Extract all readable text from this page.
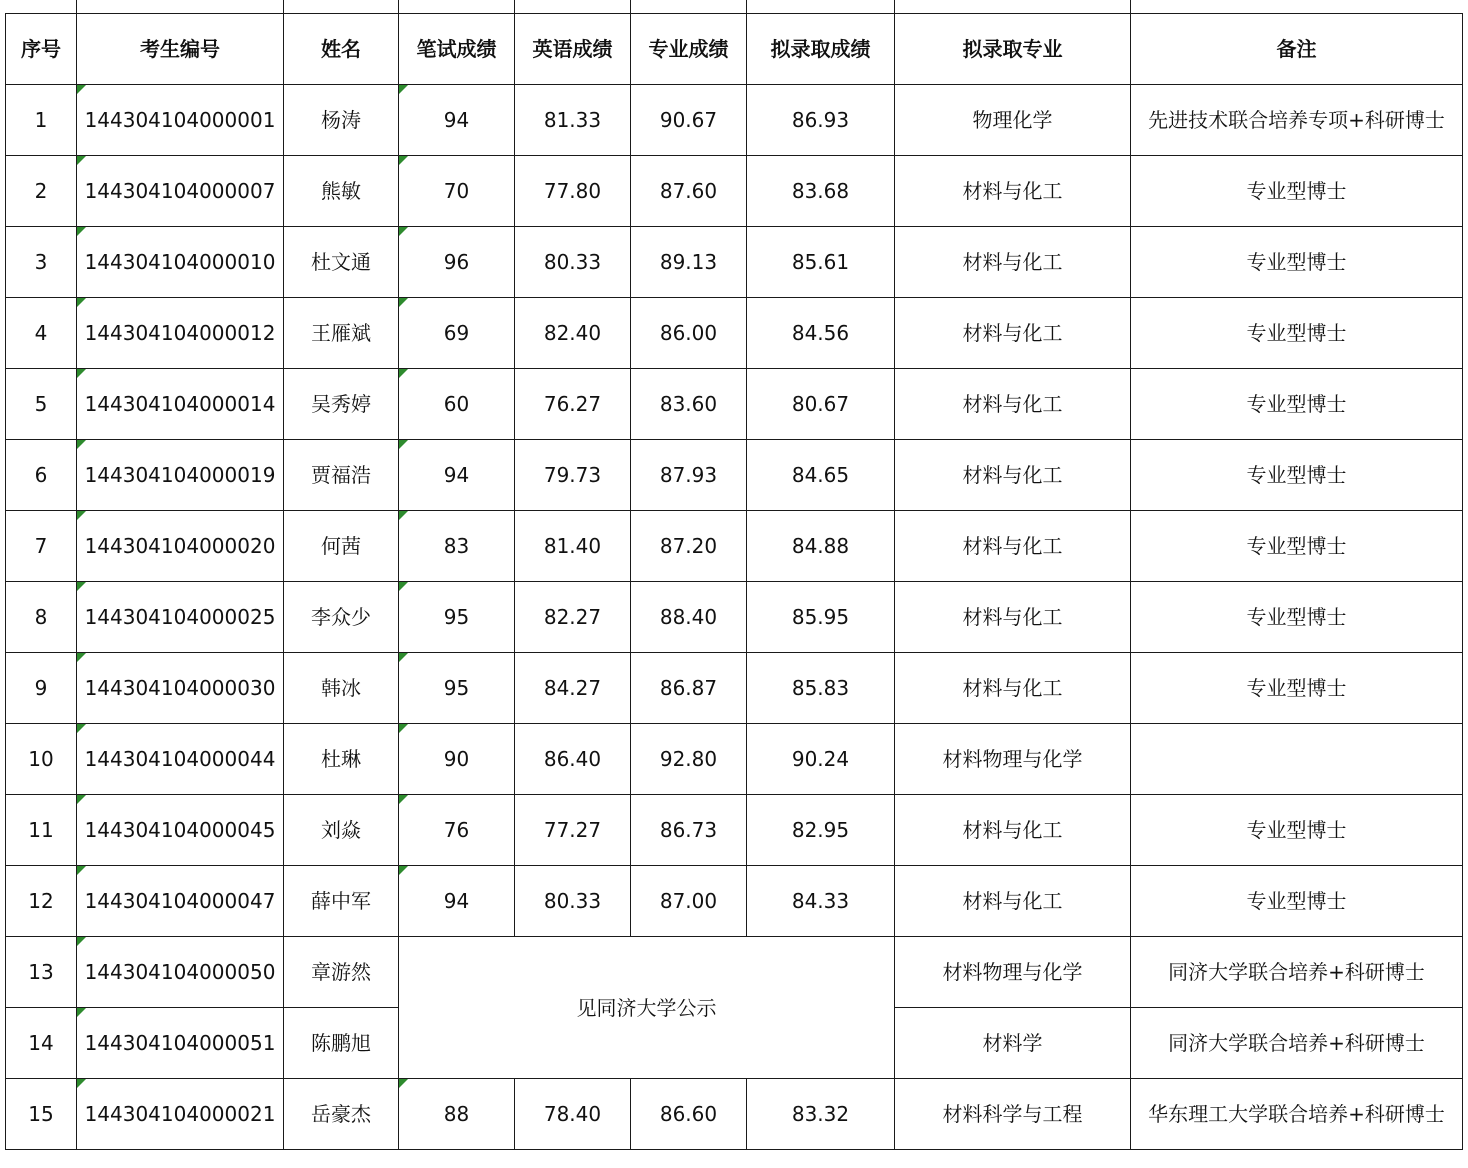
序号	考生编号	姓名	笔试成绩	英语成绩	专业成绩	拟录取成绩	拟录取专业	备注
1	144304104000001	杨涛	94	81.33	90.67	86.93	物理化学	先进技术联合培养专项+科研博士
2	144304104000007	熊敏	70	77.80	87.60	83.68	材料与化工	专业型博士
3	144304104000010	杜文通	96	80.33	89.13	85.61	材料与化工	专业型博士
4	144304104000012	王雁斌	69	82.40	86.00	84.56	材料与化工	专业型博士
5	144304104000014	吴秀婷	60	76.27	83.60	80.67	材料与化工	专业型博士
6	144304104000019	贾福浩	94	79.73	87.93	84.65	材料与化工	专业型博士
7	144304104000020	何茜	83	81.40	87.20	84.88	材料与化工	专业型博士
8	144304104000025	李众少	95	82.27	88.40	85.95	材料与化工	专业型博士
9	144304104000030	韩冰	95	84.27	86.87	85.83	材料与化工	专业型博士
10	144304104000044	杜琳	90	86.40	92.80	90.24	材料物理与化学	
11	144304104000045	刘焱	76	77.27	86.73	82.95	材料与化工	专业型博士
12	144304104000047	薛中军	94	80.33	87.00	84.33	材料与化工	专业型博士
13	144304104000050	章游然	见同济大学公示				材料物理与化学	同济大学联合培养+科研博士
14	144304104000051	陈鹏旭					材料学	同济大学联合培养+科研博士
15	144304104000021	岳豪杰	88	78.40	86.60	83.32	材料科学与工程	华东理工大学联合培养+科研博士
